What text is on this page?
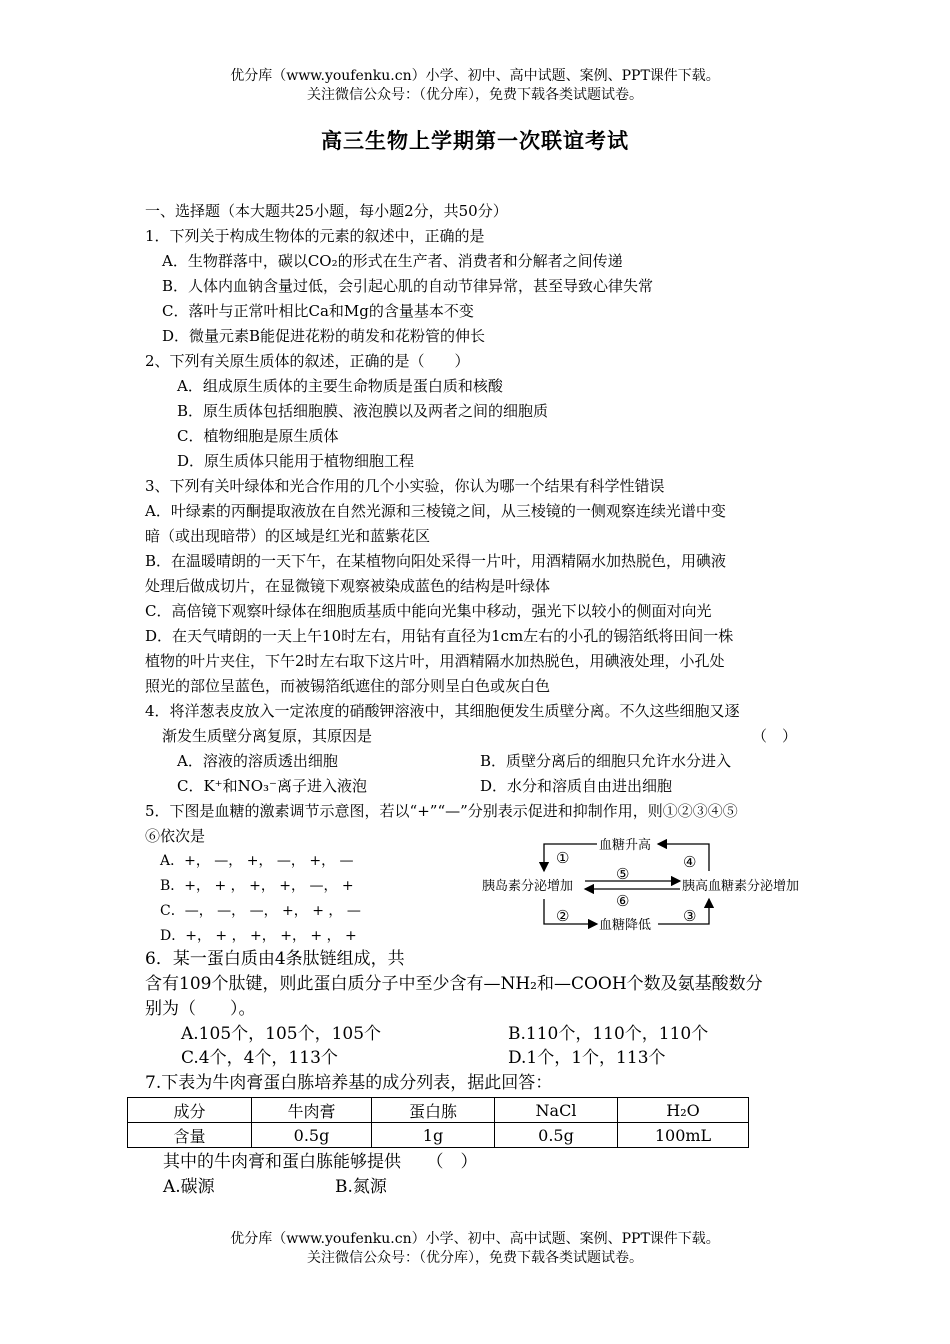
优分库（www.youfenku.cn）小学、初中、高中试题、案例、PPT课件下载。
关注微信公众号：（优分库），免费下载各类试题试卷。
高三生物上学期第一次联谊考试
一、选择题（本大题共25小题，每小题2分，共50分）
1．下列关于构成生物体的元素的叙述中，正确的是
A．生物群落中，碳以CO₂的形式在生产者、消费者和分解者之间传递
B．人体内血钠含量过低，会引起心肌的自动节律异常，甚至导致心律失常
C．落叶与正常叶相比Ca和Mg的含量基本不变
D．微量元素B能促进花粉的萌发和花粉管的伸长
2、下列有关原生质体的叙述，正确的是（　　）
A．组成原生质体的主要生命物质是蛋白质和核酸
B．原生质体包括细胞膜、液泡膜以及两者之间的细胞质
C．植物细胞是原生质体
D．原生质体只能用于植物细胞工程
3、下列有关叶绿体和光合作用的几个小实验，你认为哪一个结果有科学性错误
A．叶绿素的丙酮提取液放在自然光源和三棱镜之间，从三棱镜的一侧观察连续光谱中变
暗（或出现暗带）的区域是红光和蓝紫花区
B．在温暖晴朗的一天下午，在某植物向阳处采得一片叶，用酒精隔水加热脱色，用碘液
处理后做成切片，在显微镜下观察被染成蓝色的结构是叶绿体
C．高倍镜下观察叶绿体在细胞质基质中能向光集中移动，强光下以较小的侧面对向光
D．在天气晴朗的一天上午10时左右，用钻有直径为1cm左右的小孔的锡箔纸将田间一株
植物的叶片夹住，下午2时左右取下这片叶，用酒精隔水加热脱色，用碘液处理，小孔处
照光的部位呈蓝色，而被锡箔纸遮住的部分则呈白色或灰白色
4．将洋葱表皮放入一定浓度的硝酸钾溶液中，其细胞便发生质壁分离。不久这些细胞又逐
渐发生质壁分离复原，其原因是	（　）
A．溶液的溶质透出细胞	B．质壁分离后的细胞只允许水分进入
C．K⁺和NO₃⁻离子进入液泡	D．水分和溶质自由进出细胞
5．下图是血糖的激素调节示意图，若以“+”“—”分别表示促进和抑制作用，则①②③④⑤
⑥依次是
A．+， —， +， —， +， —
B．+， + ， +， +， —， +
C．—， —， —， +， + ， —
D．+， + ， +， +， + ， +
血糖升高
血糖降低
胰岛素分泌增加	胰高血糖素分泌增加
①
②	③
④
⑤
⑥
6．某一蛋白质由4条肽链组成，共
含有109个肽键，则此蛋白质分子中至少含有—NH₂和—COOH个数及氨基酸数分
别为（　　）。
A.105个，105个，105个	B.110个，110个，110个
C.4个，4个，113个	D.1个，1个，113个
7.下表为牛肉膏蛋白胨培养基的成分列表，据此回答：
成分	牛肉膏	蛋白胨	NaCl	H₂O
含量	0.5g	1g	0.5g	100mL
其中的牛肉膏和蛋白胨能够提供　　（　）
A.碳源	B.氮源
优分库（www.youfenku.cn）小学、初中、高中试题、案例、PPT课件下载。
关注微信公众号：（优分库），免费下载各类试题试卷。
